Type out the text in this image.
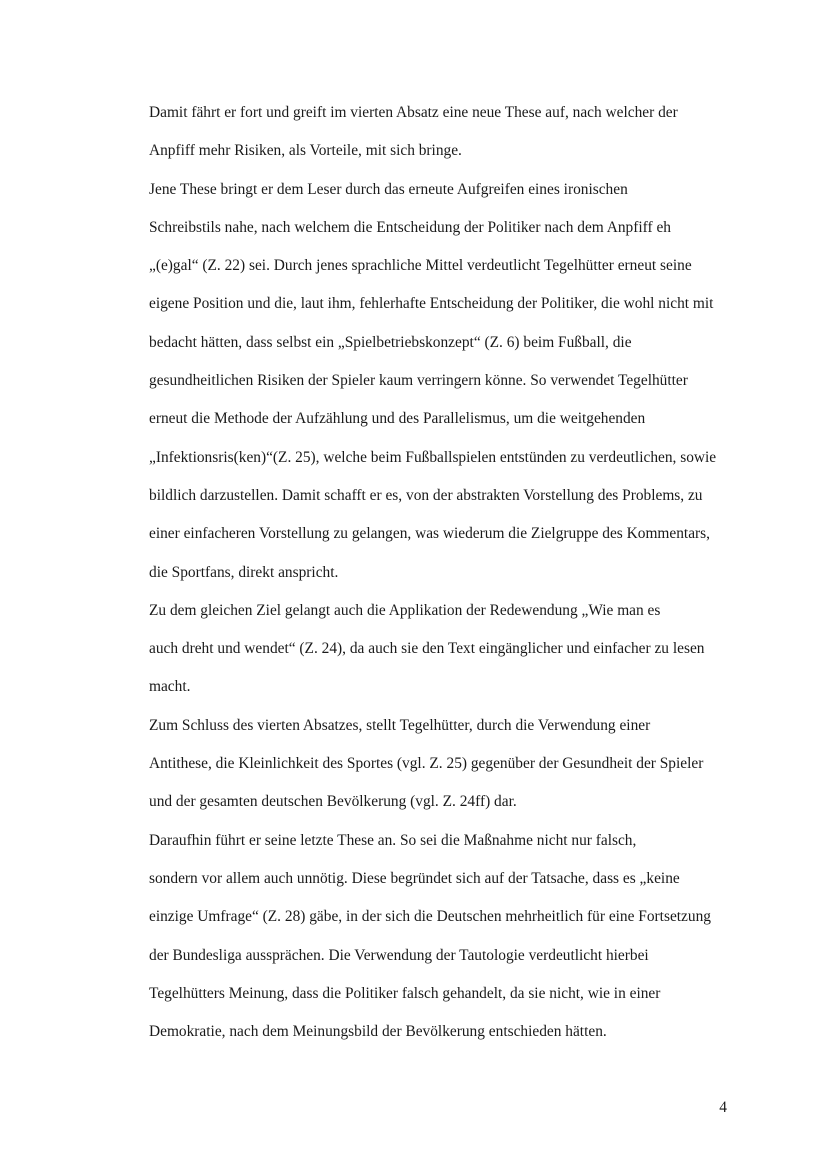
Damit fährt er fort und greift im vierten Absatz eine neue These auf, nach welcher der
Anpfiff mehr Risiken, als Vorteile, mit sich bringe.

Jene These bringt er dem Leser durch das erneute Aufgreifen eines ironischen
Schreibstils nahe, nach welchem die Entscheidung der Politiker nach dem Anpfiff eh
„(e)gal“ (Z. 22) sei. Durch jenes sprachliche Mittel verdeutlicht Tegelhütter erneut seine
eigene Position und die, laut ihm, fehlerhafte Entscheidung der Politiker, die wohl nicht mit
bedacht hätten, dass selbst ein „Spielbetriebskonzept“ (Z. 6) beim Fußball, die
gesundheitlichen Risiken der Spieler kaum verringern könne. So verwendet Tegelhütter
erneut die Methode der Aufzählung und des Parallelismus, um die weitgehenden
„Infektionsris(ken)“(Z. 25), welche beim Fußballspielen entstünden zu verdeutlichen, sowie
bildlich darzustellen. Damit schafft er es, von der abstrakten Vorstellung des Problems, zu
einer einfacheren Vorstellung zu gelangen, was wiederum die Zielgruppe des Kommentars,
die Sportfans, direkt anspricht.

Zu dem gleichen Ziel gelangt auch die Applikation der Redewendung „Wie man es
auch dreht und wendet“ (Z. 24), da auch sie den Text eingänglicher und einfacher zu lesen
macht.

Zum Schluss des vierten Absatzes, stellt Tegelhütter, durch die Verwendung einer
Antithese, die Kleinlichkeit des Sportes (vgl. Z. 25) gegenüber der Gesundheit der Spieler
und der gesamten deutschen Bevölkerung (vgl. Z. 24ff) dar.

Daraufhin führt er seine letzte These an. So sei die Maßnahme nicht nur falsch,
sondern vor allem auch unnötig. Diese begründet sich auf der Tatsache, dass es „keine
einzige Umfrage“ (Z. 28) gäbe, in der sich die Deutschen mehrheitlich für eine Fortsetzung
der Bundesliga aussprächen. Die Verwendung der Tautologie verdeutlicht hierbei
Tegelhütters Meinung, dass die Politiker falsch gehandelt, da sie nicht, wie in einer
Demokratie, nach dem Meinungsbild der Bevölkerung entschieden hätten.

4
